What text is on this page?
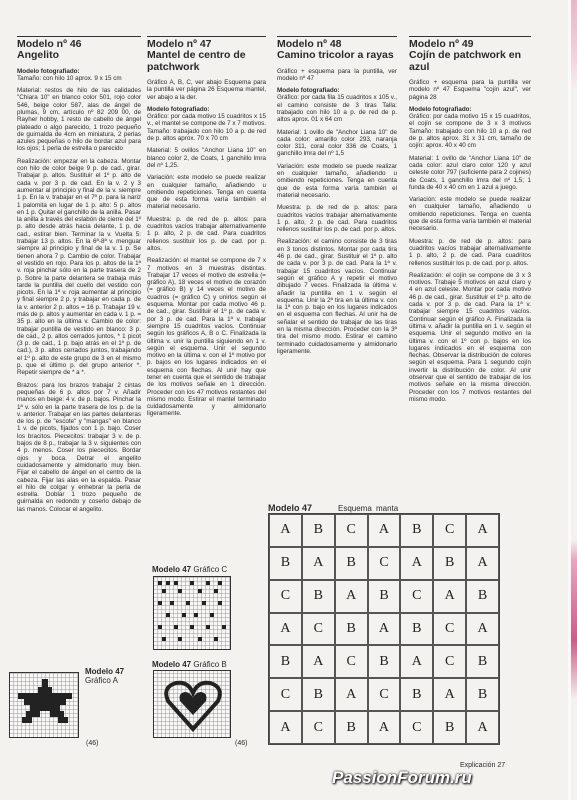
Modelo nº 46
Angelito
Modelo fotografiado:
Tamaño: con hilo 10 aprox. 9 x 15 cm
Material: restos de hilo de las calidades "Chiara 10" en blanco color 501, rojo color 546, beige color 587, alas de ángel de plumas, 9 cm, artículo nº 82 209 00, de Rayher hobby, 1 resto de cabello de ángel plateado o algo parecido, 1 trozo pequeño de guirnalda de 4cm en miniatura, 2 perlas azules pequeñas o hilo de bordar azul para los ojos; 1 perla de estrella o parecido
Realización: empezar en la cabeza. Montar con hilo de color beige 9 p. de cad., girar. Trabajar p. altos. Sustituir el 1º p. alto de cada v. por 3 p. de cad. En la v. 2 y 3 aumentar al principio y final de la v. siempre 1 p. En la v. trabajar en el 7º p. para la nariz 1 palomita en lugar de 1 p. alto: 5 p. altos en 1 p. Quitar el ganchillo de la anilla. Pasar la anilla a través del eslabón de cierre del 1º p. alto desde atrás hacia delante, 1 p. de cad., estirar bien. Terminar la v. Vuelta 5: trabajar 13 p. altos. En la 6ª-8ª v. menguar siempre al principio y final de la v. 1 p. Se tienen ahora 7 p. Cambio de color. Trabajar el vestido en rojo. Para los p. altos de la 1ª v. roja pinchar sólo en la parte trasera de 2 p. Sobre la parte delantera se trabaja más tarde la puntilla del cuello del vestido con picots. En la 1ª v. roja aumentar al principio y final siempre 2 p. y trabajar en cada p. de la v. anterior 2 p. altos = 16 p. Trabajar 19 v. más de p. altos y aumentar en cada v. 1 p. = 35 p. alto en la última v. Cambio de color: trabajar puntilla de vestido en blanco: 3 p. de cad., 2 p. altos cerrados juntos, * 1 picot (3 p. de cad., 1 p. bajo atrás en el 1º p. de cad.), 3 p. altos cerrados juntos, trabajando el 1º p. alto de este grupo de 3 en el mismo p. que el último p. del grupo anterior *. Repetir siempre de * a *.
Brazos: para los brazos trabajar 2 cintas pequeñas de 6 p. altos por 7 v. Añadir manos en beige: 4 v. de p. bajos. Pinchar la 1ª v. sólo en la parte trasera de los p. de la v. anterior. Trabajar en las partes delanteras de los p. de "escote" y "mangas" en blanco 1 v. de picots, fijados con 1 p. bajo. Coser los bracitos. Piececitos: trabajar 3 v. de p. bajos de 8 p., trabajar la 3 v. siguientes con 4 p. menos. Coser los piececitos. Bordar ojos y boca. Detrar el angelito cuidadosamente y almidonarlo muy bien. Fijar el cabello de ángel en el centro de la cabeza. Fijar las alas en la espalda. Pasar el hilo de colgar y enhebrar la perla de estrella. Doblar 1 trozo pequeño de guirnalda en redondo y coserlo debajo de las manos. Colocar el angelito.
Modelo nº 47
Mantel de centro de patchwork
Gráfico A, B, C, ver abajo Esquema para la puntilla ver página 26 Esquema mantel, ver abajo a la der.
Modelo fotografiado:
Gráfico: por cada motivo 15 cuadritos x 15 v., el mantel se compone de 7 x 7 motivos. Tamaño: trabajado con hilo 10 a p. de red de p. altos aprox. 70 x 70 cm
Material: 5 ovillos "Anchor Liana 10" en blanco color 2, de Coats, 1 ganchillo lmra del nº 1,25.
Variación: este modelo se puede realizar en cualquier tamaño, añadiendo u omitiendo repeticiones. Tenga en cuenta que de esta forma varía también el material necesario.
Muestra: p. de red de p. altos: para cuadritos vacíos trabajar alternativamente 1 p. alto, 2 p. de cad. Para cuadritos rellenos sustituir los p. de cad. por p. altos.
Realización: el mantel se compone de 7 x 7 motivos en 3 muestras distintas. Trabajar 17 veces el motivo de estrella (= gráfico A), 18 veces el motivo de corazón (= gráfico B) y 14 veces el motivo de cuadros (= gráfico C) y unirlos según el esquema. Montar por cada motivo 46 p. de cad., girar. Sustituir el 1º p. de cada v. por 3 p. de cad. Para la 1ª v. trabajar siempre 15 cuadritos vacíos. Continuar según los gráficos A, B o C. Finalizada la última v. unir la puntilla siguiendo en 1 v. según el esquema. Unir el segundo motivo en la última v. con el 1º motivo por p. bajos en los lugares indicados en el esquema con flechas. Al unir hay que tener en cuenta que el sentido de trabajar de los motivos señale en 1 dirección. Proceder con los 47 motivos restantes del mismo modo. Estirar el mantel terminado cuidadosamente y almidonarlo ligeramente.
Modelo nº 48
Camino tricolor a rayas
Gráfico + esquema para la puntilla, ver modelo nº 47
Modelo fotografiado:
Gráfico: por cada fila 15 cuadritos x 105 v., el camino consiste de 3 tiras Talla: trabajado con hilo 10 a p. de red de p. altos aprox. 01 x 64 cm
Material: 1 ovillo de "Anchor Liana 10" de cada color: amarillo color 293, naranja color 311, coral color 336 de Coats, 1 ganchillo lmra del nº 1,5
Variación: este modelo se puede realizar en cualquier tamaño, añadiendo u omitiendo repeticiones. Tenga en cuenta que de esta forma varía también el material necesario.
Muestra: p. de red de p. altos: para cuadritos vacíos trabajar alternativamente 1 p. alto, 2 p. de cad. Para cuadritos rellenos sustituir los p. de cad. por p. altos.
Realización: el camino consiste de 3 tiras en 3 tonos distintos. Montar por cada tira 46 p. de cad., girar. Sustituir el 1º p. alto de cada v. por 3 p. de cad. Para la 1ª v. trabajar 15 cuadritos vacíos. Continuar según el gráfico A y repetir el motivo dibujado 7 veces. Finalizada la última v. añadir la puntilla en 1 v. según el esquema. Unir la 2ª tira en la última v. con la 1ª con p. bajo en los lugares indicados en el esquema con flechas. Al unir ha de señalar el sentido de trabajar de las tiras en la misma dirección. Proceder con la 3ª tira del mismo modo. Estirar el camino terminado cuidadosamente y almidonarlo ligeramente.
Modelo nº 49
Cojín de patchwork en azul
Gráfico + esquema para la puntilla ver modelo nº 47 Esquema "cojín azul", ver página 28
Modelo fotografiado:
Gráfico: por cada motivo 15 x 15 cuadritos, el cojín se compone de 3 x 3 motivos Tamaño: trabajado con hilo 10 a p. de red de p. altos aprox. 31 x 31 cm, tamaño de cojín: aprox. 40 x 40 cm
Material: 1 ovillo de "Anchor Liana 10" de cada color: azul claro color 120 y azul celeste color 797 (suficiente para 2 cojines) de Coats, 1 ganchillo lmra del nº 1,5; 1 funda de 40 x 40 cm en 1 azul a juego.
Variación: este modelo se puede realizar en cualquier tamaño, añadiendo u omitiendo repeticiones. Tenga en cuenta que de esta forma varía también el material necesario.
Muestra: p. de red de p. altos: para cuadritos vacíos trabajar alternativamente 1 p. alto, 2 p. de cad. Para cuadritos rellenos sustituir los p. de cad. por p. altos.
Realización: el cojín se compone de 3 x 3 motivos. Trabaje 5 motivos en azul claro y 4 en azul celeste. Montar por cada motivo 46 p. de cad., girar. Sustituir el 1º p. alto de cada v. por 3 p. de cad. Para la 1ª v. trabajar siempre 15 cuadritos vacíos. Continuar según el gráfico A. Finalizada la última v. añadir la puntilla en 1 v. según el esquema. Unir el segundo motivo en la última v. con el 1º con p. bajos en los lugares indicados en el esquema con flechas. Observar la distribución de colores según el esquema. Para 1 segundo cojín invertir la distribución de color. Al unir observar que el sentido de trabajar de los motivos señale en la misma dirección. Proceder con los 7 motivos restantes del mismo modo.
Modelo 47	Esquema manta
A	B	C	A	B	C	A
B	A	B	C	A	B	A
C	B	A	B	C	A	B
A	C	B	A	B	C	A
B	A	C	B	A	C	B
C	B	A	C	B	A	B
A	C	B	A	C	B	A
Modelo 47 Gráfico C
Modelo 47 Gráfico B
(46)
Modelo 47
Gráfico A
(46)
Explicación 27
PassionForum.ru
